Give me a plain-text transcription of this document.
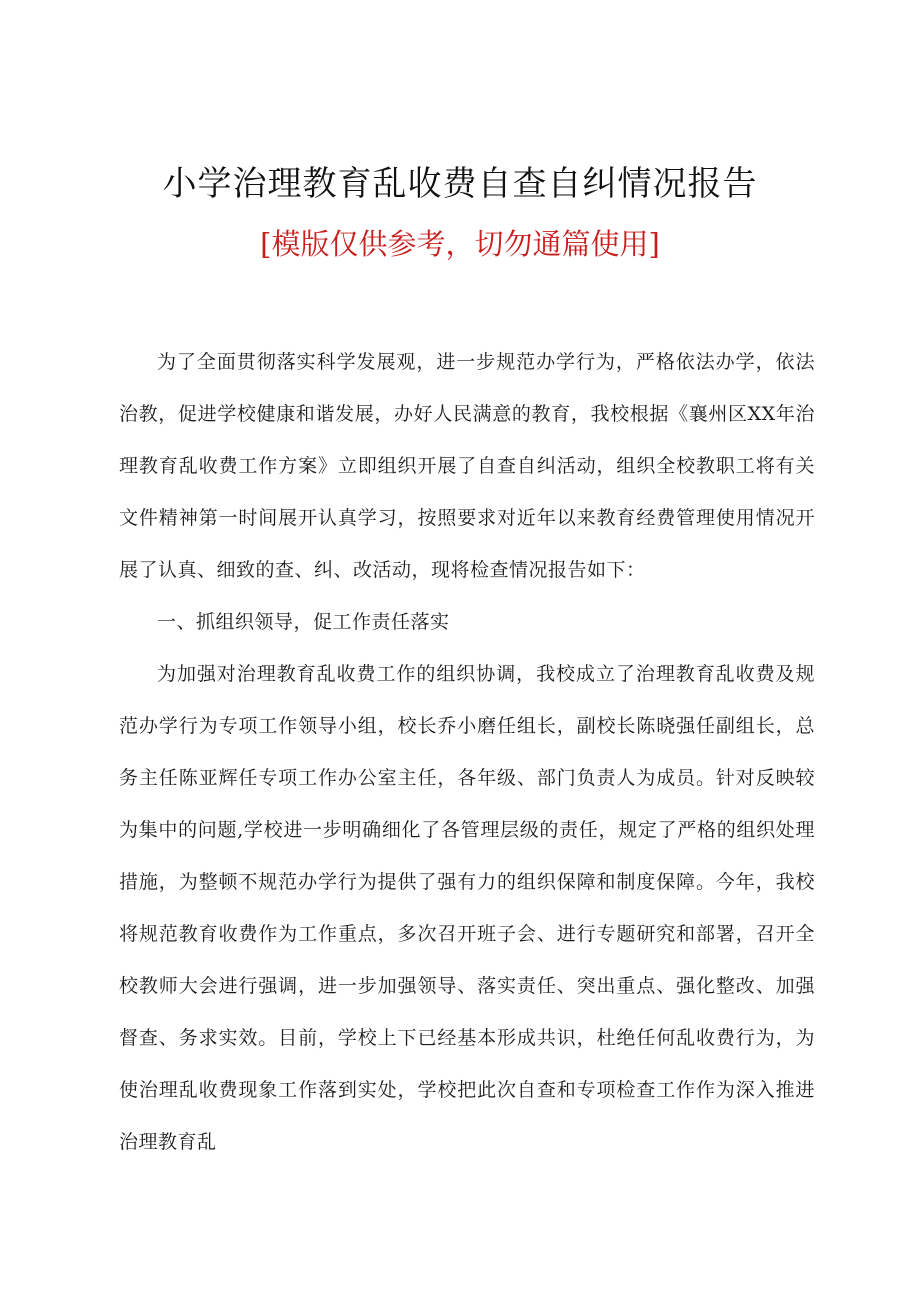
小学治理教育乱收费自查自纠情况报告
[模版仅供参考，切勿通篇使用]

为了全面贯彻落实科学发展观，进一步规范办学行为，严格依法办学，依法治教，促进学校健康和谐发展，办好人民满意的教育，我校根据《襄州区XX年治理教育乱收费工作方案》立即组织开展了自查自纠活动，组织全校教职工将有关文件精神第一时间展开认真学习，按照要求对近年以来教育经费管理使用情况开展了认真、细致的查、纠、改活动，现将检查情况报告如下：

一、抓组织领导，促工作责任落实

为加强对治理教育乱收费工作的组织协调，我校成立了治理教育乱收费及规范办学行为专项工作领导小组，校长乔小磨任组长，副校长陈晓强任副组长，总务主任陈亚辉任专项工作办公室主任，各年级、部门负责人为成员。针对反映较为集中的问题,学校进一步明确细化了各管理层级的责任，规定了严格的组织处理措施，为整顿不规范办学行为提供了强有力的组织保障和制度保障。今年，我校将规范教育收费作为工作重点，多次召开班子会、进行专题研究和部署，召开全校教师大会进行强调，进一步加强领导、落实责任、突出重点、强化整改、加强督查、务求实效。目前，学校上下已经基本形成共识，杜绝任何乱收费行为，为使治理乱收费现象工作落到实处，学校把此次自查和专项检查工作作为深入推进治理教育乱
